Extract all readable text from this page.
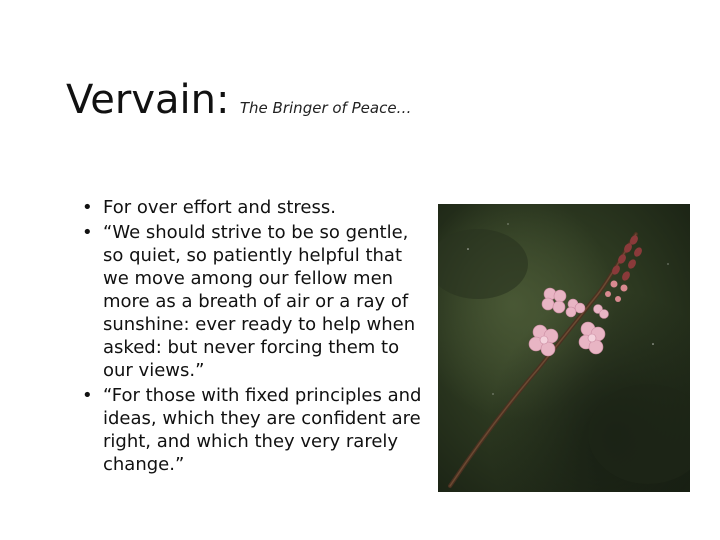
Vervain: The Bringer of Peace…
• For over effort and stress.
• “We should strive to be so gentle, so quiet, so patiently helpful that we move among our fellow men more as a breath of air or a ray of sunshine: ever ready to help when asked: but never forcing them to our views.”
• “For those with fixed principles and ideas, which they are confident are right, and which they very rarely change.”
